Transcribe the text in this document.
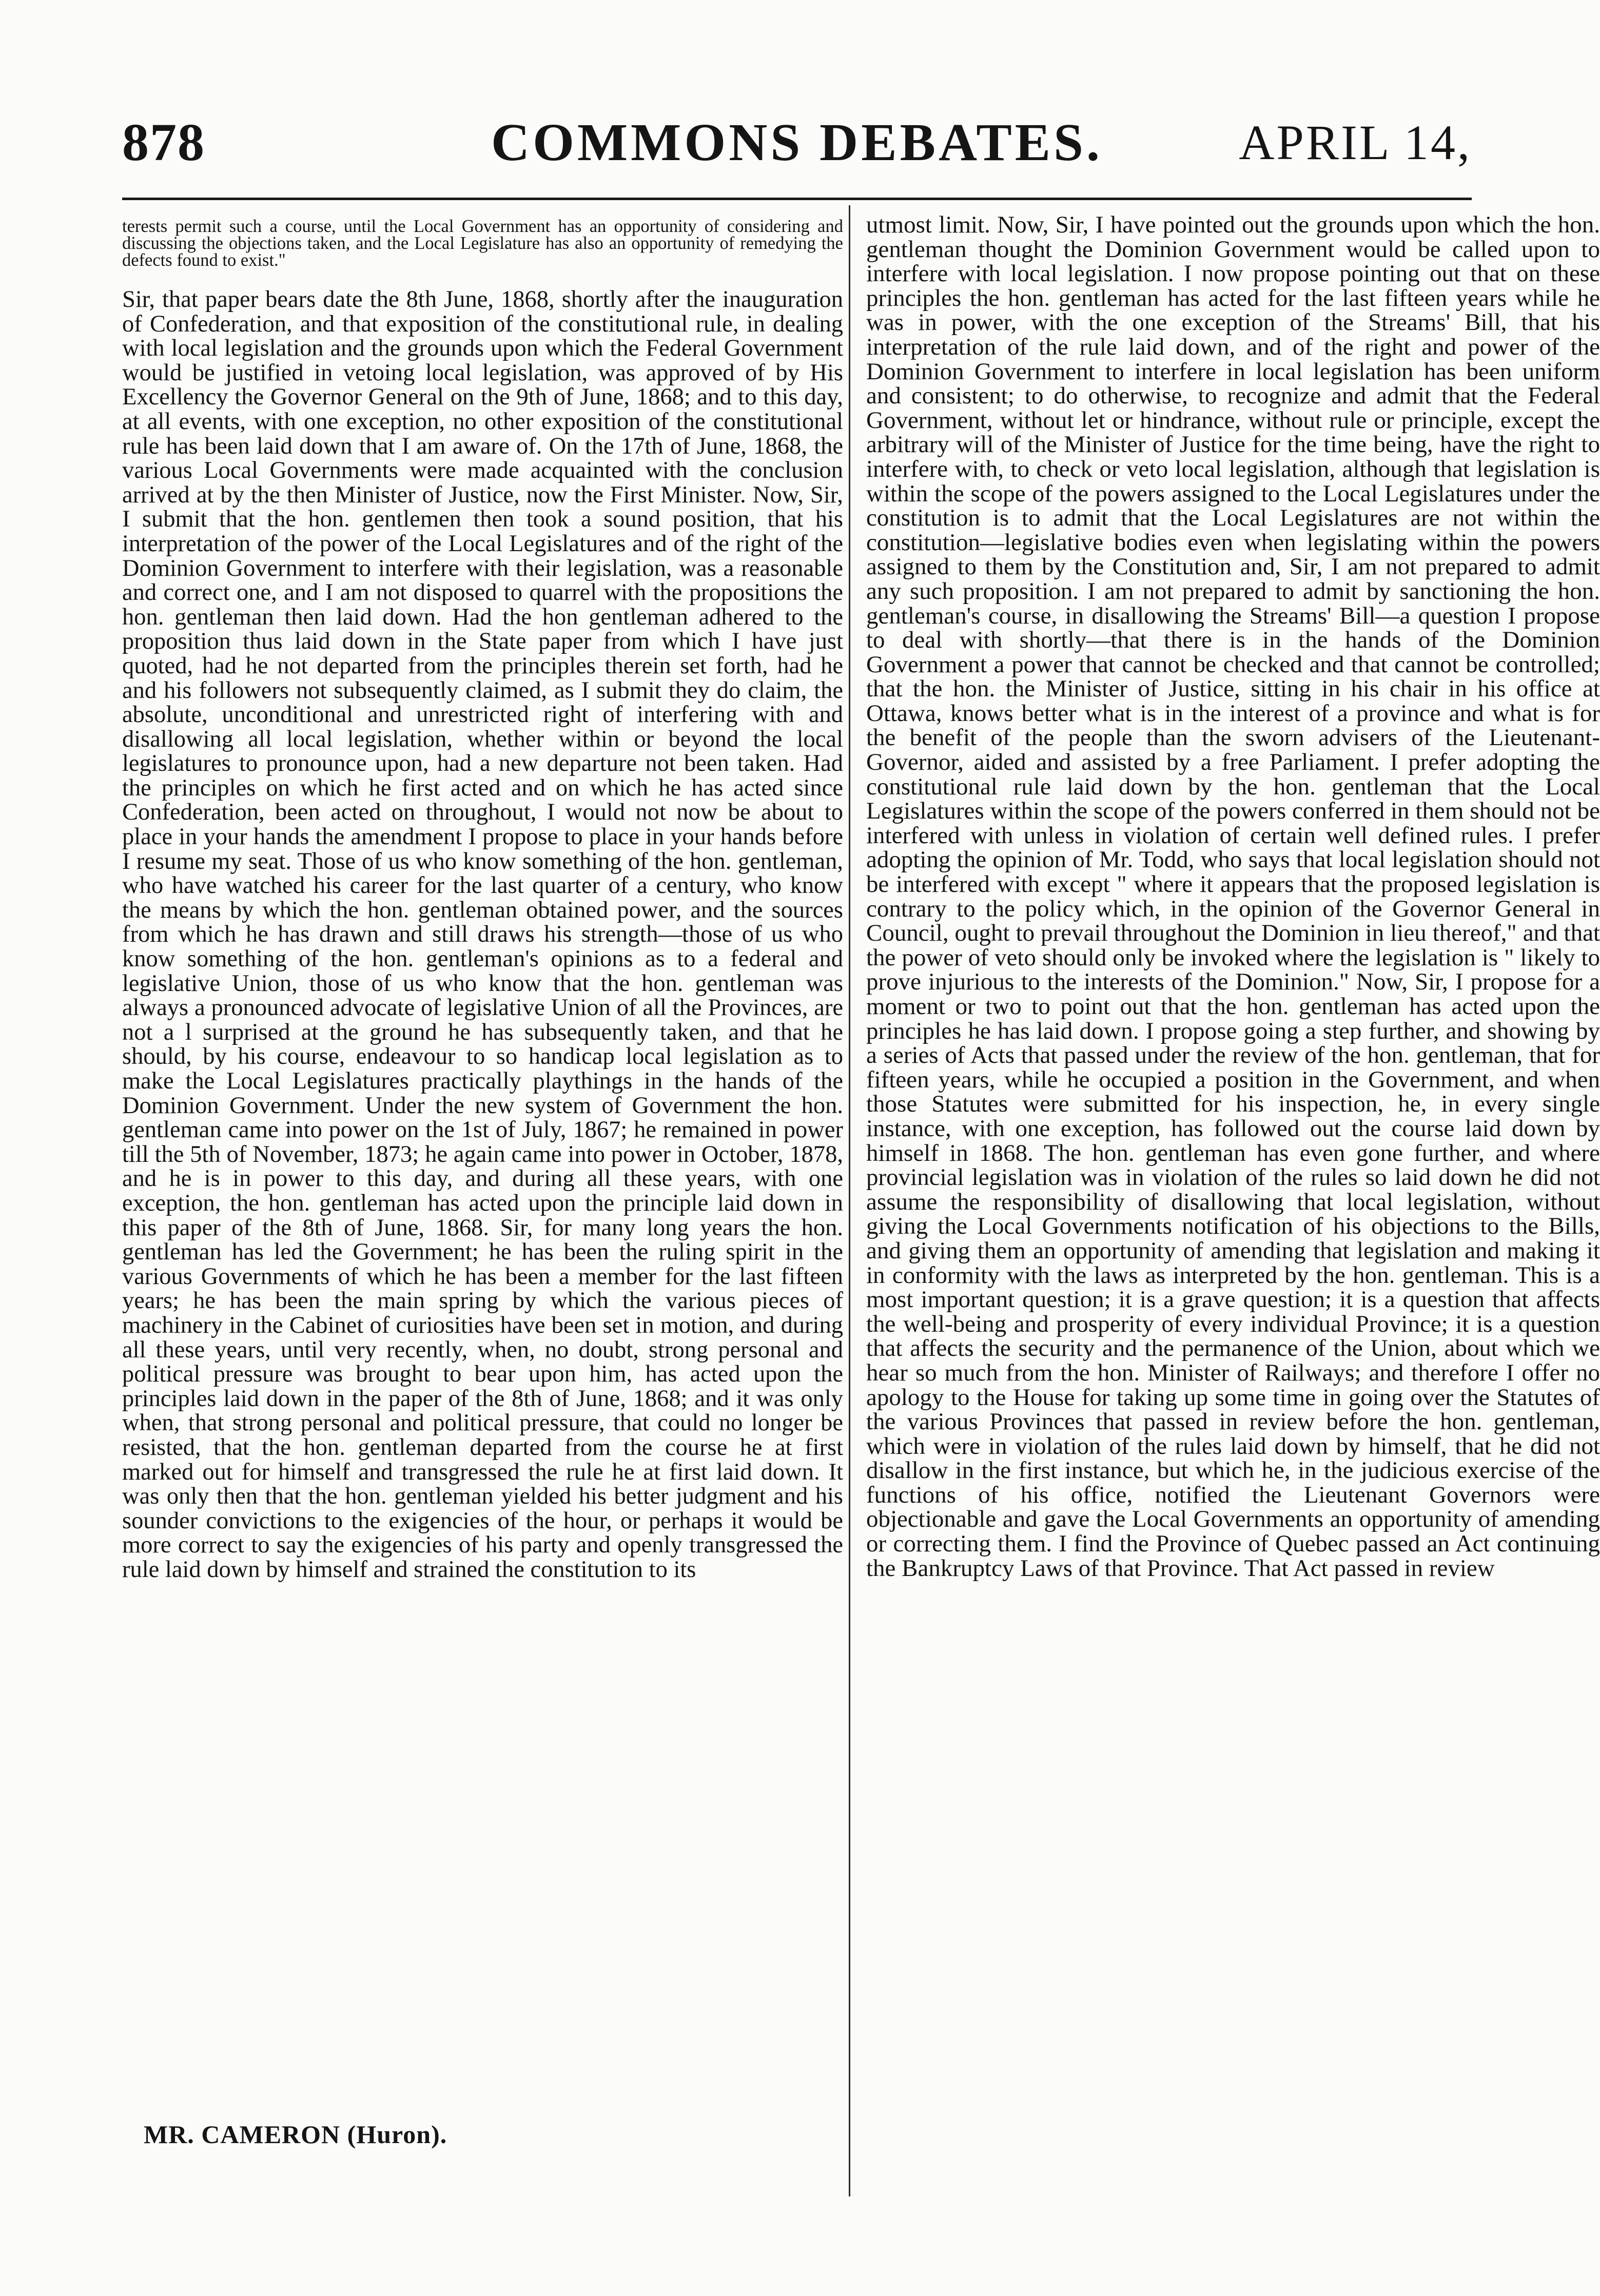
878	COMMONS DEBATES.	APRIL 14,

terests permit such a course, until the Local Government has an opportunity of considering and discussing the objections taken, and the Local Legislature has also an opportunity of remedying the defects found to exist."

Sir, that paper bears date the 8th June, 1868, shortly after the inauguration of Confederation, and that exposition of the constitutional rule, in dealing with local legislation and the grounds upon which the Federal Government would be justified in vetoing local legislation, was approved of by His Excellency the Governor General on the 9th of June, 1868; and to this day, at all events, with one exception, no other exposition of the constitutional rule has been laid down that I am aware of. On the 17th of June, 1868, the various Local Governments were made acquainted with the conclusion arrived at by the then Minister of Justice, now the First Minister. Now, Sir, I submit that the hon. gentlemen then took a sound position, that his interpretation of the power of the Local Legislatures and of the right of the Dominion Government to interfere with their legislation, was a reasonable and correct one, and I am not disposed to quarrel with the propositions the hon. gentleman then laid down. Had the hon gentleman adhered to the proposition thus laid down in the State paper from which I have just quoted, had he not departed from the principles therein set forth, had he and his followers not subsequently claimed, as I submit they do claim, the absolute, unconditional and unrestricted right of interfering with and disallowing all local legislation, whether within or beyond the local legislatures to pronounce upon, had a new departure not been taken. Had the principles on which he first acted and on which he has acted since Confederation, been acted on throughout, I would not now be about to place in your hands the amendment I propose to place in your hands before I resume my seat. Those of us who know something of the hon. gentleman, who have watched his career for the last quarter of a century, who know the means by which the hon. gentleman obtained power, and the sources from which he has drawn and still draws his strength—those of us who know something of the hon. gentleman's opinions as to a federal and legislative Union, those of us who know that the hon. gentleman was always a pronounced advocate of legislative Union of all the Provinces, are not a l surprised at the ground he has subsequently taken, and that he should, by his course, endeavour to so handicap local legislation as to make the Local Legislatures practically playthings in the hands of the Dominion Government. Under the new system of Government the hon. gentleman came into power on the 1st of July, 1867; he remained in power till the 5th of November, 1873; he again came into power in October, 1878, and he is in power to this day, and during all these years, with one exception, the hon. gentleman has acted upon the principle laid down in this paper of the 8th of June, 1868. Sir, for many long years the hon. gentleman has led the Government; he has been the ruling spirit in the various Governments of which he has been a member for the last fifteen years; he has been the main spring by which the various pieces of machinery in the Cabinet of curiosities have been set in motion, and during all these years, until very recently, when, no doubt, strong personal and political pressure was brought to bear upon him, has acted upon the principles laid down in the paper of the 8th of June, 1868; and it was only when, that strong personal and political pressure, that could no longer be resisted, that the hon. gentleman departed from the course he at first marked out for himself and transgressed the rule he at first laid down. It was only then that the hon. gentleman yielded his better judgment and his sounder convictions to the exigencies of the hour, or perhaps it would be more correct to say the exigencies of his party and openly transgressed the rule laid down by himself and strained the constitution to its

utmost limit. Now, Sir, I have pointed out the grounds upon which the hon. gentleman thought the Dominion Government would be called upon to interfere with local legislation. I now propose pointing out that on these principles the hon. gentleman has acted for the last fifteen years while he was in power, with the one exception of the Streams' Bill, that his interpretation of the rule laid down, and of the right and power of the Dominion Government to interfere in local legislation has been uniform and consistent; to do otherwise, to recognize and admit that the Federal Government, without let or hindrance, without rule or principle, except the arbitrary will of the Minister of Justice for the time being, have the right to interfere with, to check or veto local legislation, although that legislation is within the scope of the powers assigned to the Local Legislatures under the constitution is to admit that the Local Legislatures are not within the constitution—legislative bodies even when legislating within the powers assigned to them by the Constitution and, Sir, I am not prepared to admit any such proposition. I am not prepared to admit by sanctioning the hon. gentleman's course, in disallowing the Streams' Bill—a question I propose to deal with shortly—that there is in the hands of the Dominion Government a power that cannot be checked and that cannot be controlled; that the hon. the Minister of Justice, sitting in his chair in his office at Ottawa, knows better what is in the interest of a province and what is for the benefit of the people than the sworn advisers of the Lieutenant-Governor, aided and assisted by a free Parliament. I prefer adopting the constitutional rule laid down by the hon. gentleman that the Local Legislatures within the scope of the powers conferred in them should not be interfered with unless in violation of certain well defined rules. I prefer adopting the opinion of Mr. Todd, who says that local legislation should not be interfered with except " where it appears that the proposed legislation is contrary to the policy which, in the opinion of the Governor General in Council, ought to prevail throughout the Dominion in lieu thereof," and that the power of veto should only be invoked where the legislation is " likely to prove injurious to the interests of the Dominion." Now, Sir, I propose for a moment or two to point out that the hon. gentleman has acted upon the principles he has laid down. I propose going a step further, and showing by a series of Acts that passed under the review of the hon. gentleman, that for fifteen years, while he occupied a position in the Government, and when those Statutes were submitted for his inspection, he, in every single instance, with one exception, has followed out the course laid down by himself in 1868. The hon. gentleman has even gone further, and where provincial legislation was in violation of the rules so laid down he did not assume the responsibility of disallowing that local legislation, without giving the Local Governments notification of his objections to the Bills, and giving them an opportunity of amending that legislation and making it in conformity with the laws as interpreted by the hon. gentleman. This is a most important question; it is a grave question; it is a question that affects the well-being and prosperity of every individual Province; it is a question that affects the security and the permanence of the Union, about which we hear so much from the hon. Minister of Railways; and therefore I offer no apology to the House for taking up some time in going over the Statutes of the various Provinces that passed in review before the hon. gentleman, which were in violation of the rules laid down by himself, that he did not disallow in the first instance, but which he, in the judicious exercise of the functions of his office, notified the Lieutenant Governors were objectionable and gave the Local Governments an opportunity of amending or correcting them. I find the Province of Quebec passed an Act continuing the Bankruptcy Laws of that Province. That Act passed in review

MR. CAMERON (Huron).
